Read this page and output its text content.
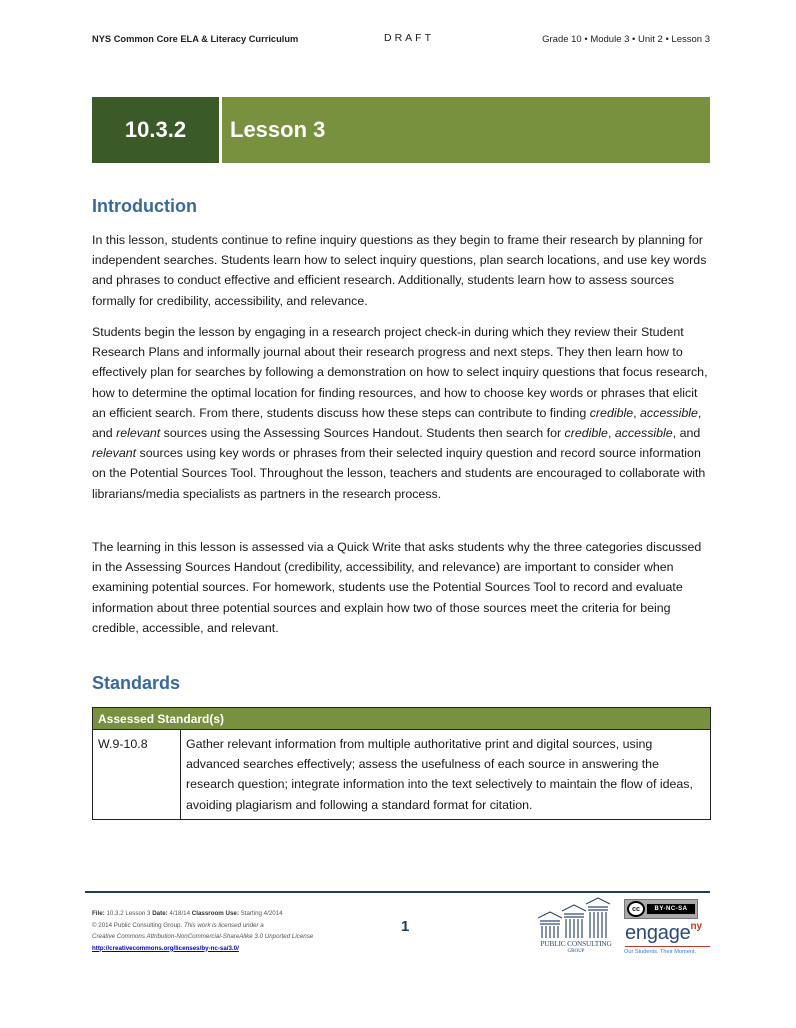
NYS Common Core ELA & Literacy Curriculum	DRAFT	Grade 10 • Module 3 • Unit 2 • Lesson 3
10.3.2	Lesson 3
Introduction

In this lesson, students continue to refine inquiry questions as they begin to frame their research by planning for independent searches. Students learn how to select inquiry questions, plan search locations, and use key words and phrases to conduct effective and efficient research. Additionally, students learn how to assess sources formally for credibility, accessibility, and relevance.

Students begin the lesson by engaging in a research project check-in during which they review their Student Research Plans and informally journal about their research progress and next steps. They then learn how to effectively plan for searches by following a demonstration on how to select inquiry questions that focus research, how to determine the optimal location for finding resources, and how to choose key words or phrases that elicit an efficient search. From there, students discuss how these steps can contribute to finding credible, accessible, and relevant sources using the Assessing Sources Handout. Students then search for credible, accessible, and relevant sources using key words or phrases from their selected inquiry question and record source information on the Potential Sources Tool. Throughout the lesson, teachers and students are encouraged to collaborate with librarians/media specialists as partners in the research process.

The learning in this lesson is assessed via a Quick Write that asks students why the three categories discussed in the Assessing Sources Handout (credibility, accessibility, and relevance) are important to consider when examining potential sources. For homework, students use the Potential Sources Tool to record and evaluate information about three potential sources and explain how two of those sources meet the criteria for being credible, accessible, and relevant.

Standards
Assessed Standard(s)
W.9-10.8	Gather relevant information from multiple authoritative print and digital sources, using advanced searches effectively; assess the usefulness of each source in answering the research question; integrate information into the text selectively to maintain the flow of ideas, avoiding plagiarism and following a standard format for citation.
File: 10.3.2 Lesson 3 Date: 4/18/14 Classroom Use: Starting 4/2014
© 2014 Public Consulting Group. This work is licensed under a
Creative Commons Attribution-NonCommercial-ShareAlike 3.0 Unported License
http://creativecommons.org/licenses/by-nc-sa/3.0/
1
PUBLIC CONSULTING
GROUP
cc	BY-NC-SA
engage$^{ny}$
Our Students. Their Moment.
